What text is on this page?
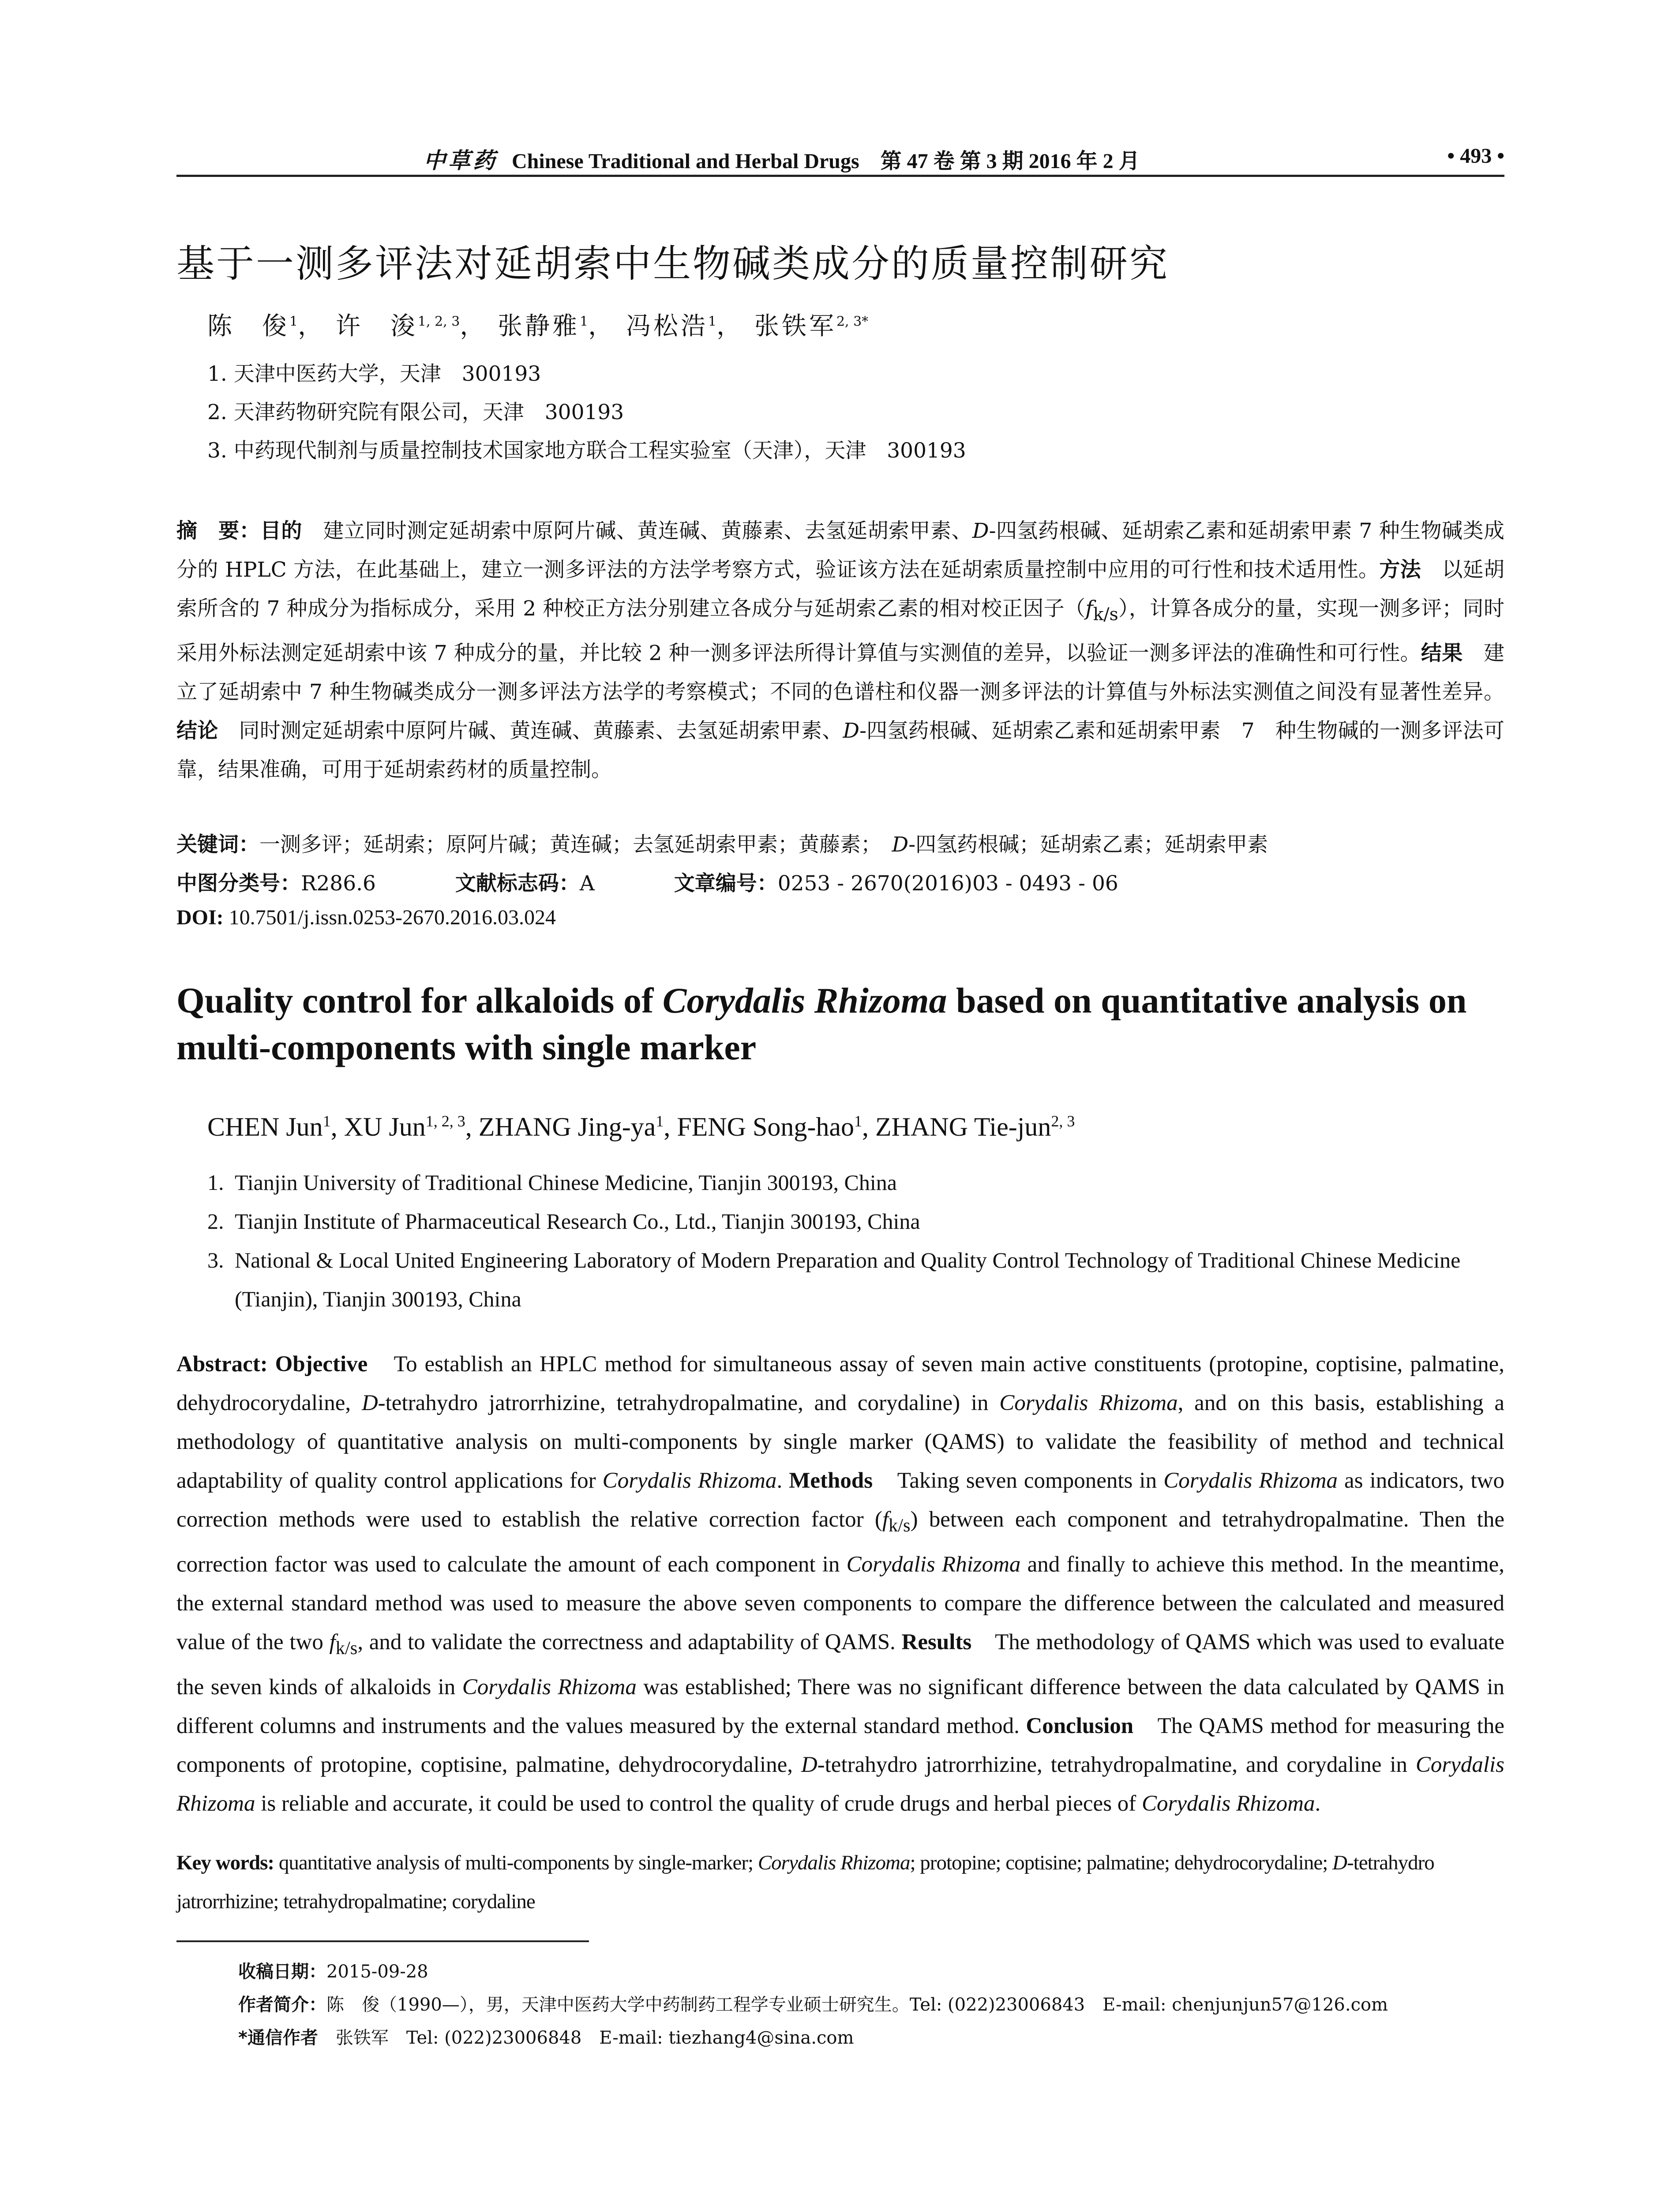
中草药 Chinese Traditional and Herbal Drugs　第 47 卷 第 3 期 2016 年 2 月	• 493 •
基于一测多评法对延胡索中生物碱类成分的质量控制研究
陈　俊$^1$， 许　浚$^{1, 2, 3}$， 张静雅$^1$， 冯松浩$^1$， 张铁军$^{2, 3*}$
1. 天津中医药大学，天津　300193
2. 天津药物研究院有限公司，天津　300193
3. 中药现代制剂与质量控制技术国家地方联合工程实验室（天津），天津　300193
摘　要：目的　 建立同时测定延胡索中原阿片碱、黄连碱、黄藤素、去氢延胡索甲素、D-四氢药根碱、延胡索乙素和延胡索甲素 7 种生物碱类成分的 HPLC 方法，在此基础上，建立一测多评法的方法学考察方式，验证该方法在延胡索质量控制中应用的可行性和技术适用性。方法　 以延胡索所含的 7 种成分为指标成分，采用 2 种校正方法分别建立各成分与延胡索乙素的相对校正因子$(f_{k/s})$，计算各成分的量，实现一测多评；同时采用外标法测定延胡索中该 7 种成分的量，并比较 2 种一测多评法所得计算值与实测值的差异，以验证一测多评法的准确性和可行性。结果　 建立了延胡索中 7 种生物碱类成分一测多评法方法学的考察模式；不同的色谱柱和仪器一测多评法的计算值与外标法实测值之间没有显著性差异。结论　 同时测定延胡索中原阿片碱、黄连碱、黄藤素、去氢延胡索甲素、D-四氢药根碱、延胡索乙素和延胡索甲素　7　种生物碱的一测多评法可靠，结果准确，可用于延胡索药材的质量控制。
关键词：一测多评；延胡索；原阿片碱；黄连碱；去氢延胡索甲素；黄藤素；　D-四氢药根碱；延胡索乙素；延胡索甲素
中图分类号：R286.6	文献标志码：A	文章编号：0253 - 2670(2016)03 - 0493 - 06
DOI: 10.7501/j.issn.0253-2670.2016.03.024
Quality control for alkaloids of Corydalis Rhizoma based on quantitative analysis on multi-components with single marker
CHEN Jun$^1$, XU Jun$^{1, 2, 3}$, ZHANG Jing-$ya^1$, FENG Song-hao$^1$, ZHANG Tie-jun$^{2, 3}$
1. Tianjin University of Traditional Chinese Medicine, Tianjin 300193, China
2. Tianjin Institute of Pharmaceutical Research Co., Ltd., Tianjin 300193, China
3. National & Local United Engineering Laboratory of Modern Preparation and Quality Control Technology of Traditional Chinese Medicine (Tianjin), Tianjin 300193, China
Abstract: Objective　To establish an HPLC method for simultaneous assay of seven main active constituents (protopine, coptisine, palmatine, dehydrocorydaline, D-tetrahydro jatrorrhizine, tetrahydropalmatine, and corydaline) in Corydalis Rhizoma, and on this basis, establishing a methodology of quantitative analysis on multi-components by single marker (QAMS) to validate the feasibility of method and technical adaptability of quality control applications for Corydalis Rhizoma. Methods　Taking seven components in Corydalis Rhizoma as indicators, two correction methods were used to establish the relative correction factor $(f_{k/s})$ between each component and tetrahydropalmatine. Then the correction factor was used to calculate the amount of each component in Corydalis Rhizoma and finally to achieve this method. In the meantime, the external standard method was used to measure the above seven components to compare the difference between the calculated and measured value of the two $f_{k/s}$, and to validate the correctness and adaptability of QAMS. Results　The methodology of QAMS which was used to evaluate the seven kinds of alkaloids in Corydalis Rhizoma was established; There was no significant difference between the data calculated by QAMS in different columns and instruments and the values measured by the external standard method. Conclusion　The QAMS method for measuring the components of protopine, coptisine, palmatine, dehydrocorydaline, D-tetrahydro jatrorrhizine, tetrahydropalmatine, and corydaline in Corydalis Rhizoma is reliable and accurate, it could be used to control the quality of crude drugs and herbal pieces of Corydalis Rhizoma.
Key words: quantitative analysis of multi-components by single-marker; Corydalis Rhizoma; protopine; coptisine; palmatine; dehydrocorydaline; D-tetrahydro jatrorrhizine; tetrahydropalmatine; corydaline
收稿日期：2015-09-28
作者简介：陈　俊（1990—），男，天津中医药大学中药制药工程学专业硕士研究生。Tel: (022)23006843　E-mail: chenjunjun57@126.com
*通信作者　张铁军　Tel: (022)23006848　E-mail: tiezhang4@sina.com
